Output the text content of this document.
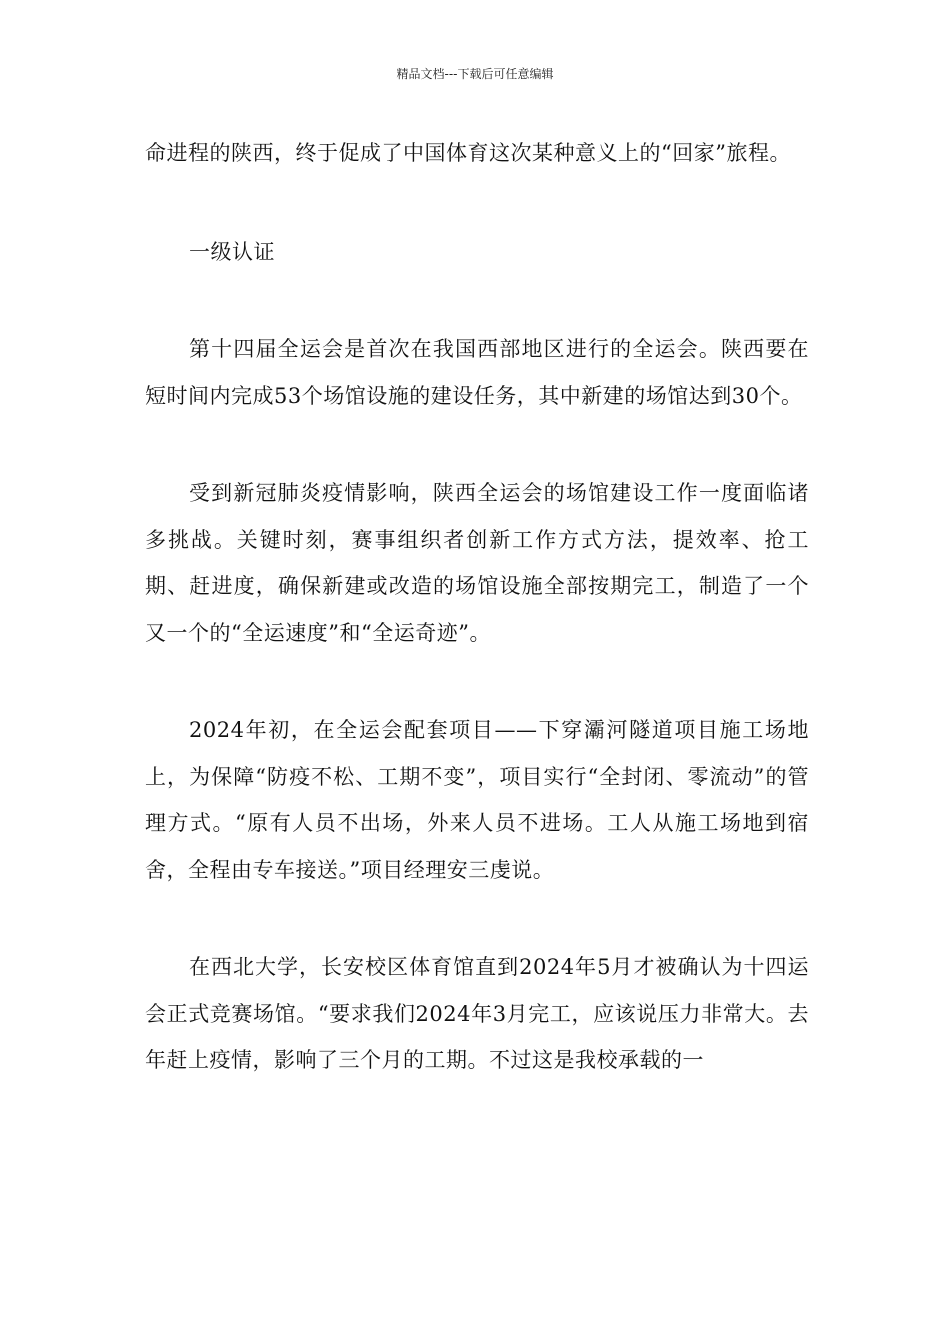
精品文档---下载后可任意编辑

命进程的陕西，终于促成了中国体育这次某种意义上的“回家”旅程。

一级认证

第十四届全运会是首次在我国西部地区进行的全运会。陕西要在短时间内完成53个场馆设施的建设任务，其中新建的场馆达到30个。

受到新冠肺炎疫情影响，陕西全运会的场馆建设工作一度面临诸多挑战。关键时刻，赛事组织者创新工作方式方法，提效率、抢工期、赶进度，确保新建或改造的场馆设施全部按期完工，制造了一个又一个的“全运速度”和“全运奇迹”。

2024年初，在全运会配套项目——下穿灞河隧道项目施工场地上，为保障“防疫不松、工期不变”，项目实行“全封闭、零流动”的管理方式。“原有人员不出场，外来人员不进场。工人从施工场地到宿舍，全程由专车接送。”项目经理安三虔说。

在西北大学，长安校区体育馆直到2024年5月才被确认为十四运会正式竞赛场馆。“要求我们2024年3月完工，应该说压力非常大。去年赶上疫情，影响了三个月的工期。不过这是我校承载的一
